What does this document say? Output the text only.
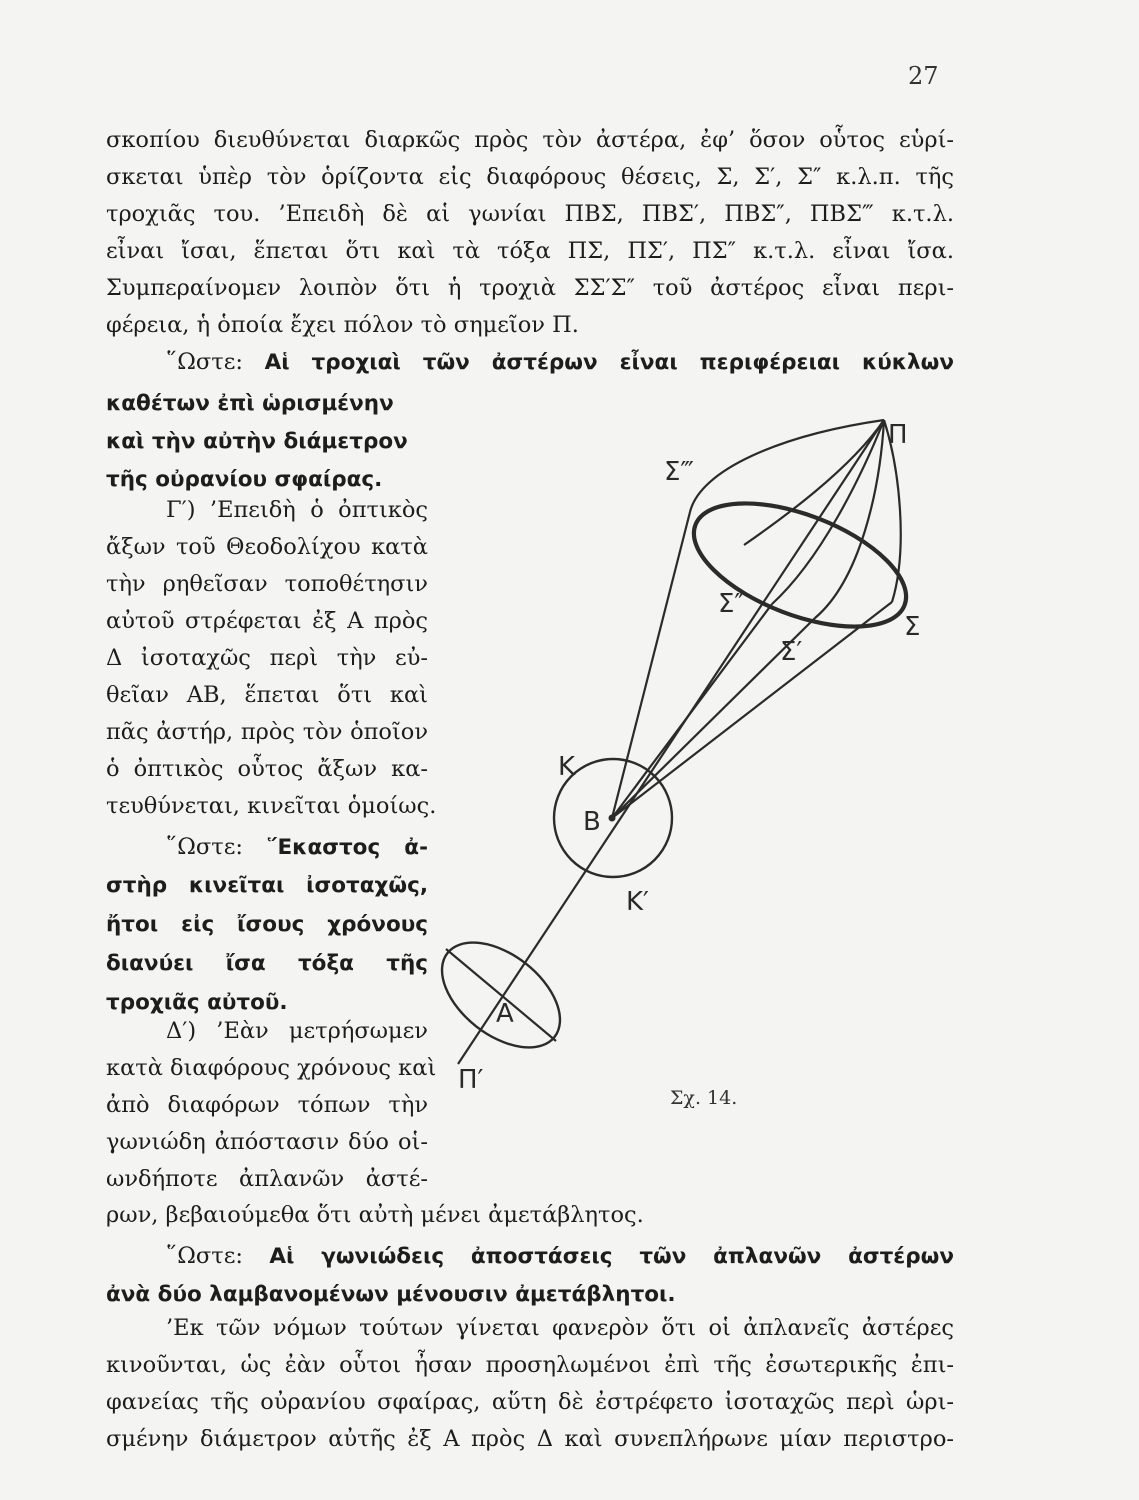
27
σκοπίου διευθύνεται διαρκῶς πρὸς τὸν ἀστέρα, ἐφ’ ὅσον οὗτος εὑρί-
σκεται ὑπὲρ τὸν ὁρίζοντα εἰς διαφόρους θέσεις, Σ, Σ′, Σ″ κ.λ.π. τῆς
τροχιᾶς του. ’Επειδὴ δὲ αἱ γωνίαι ΠΒΣ, ΠΒΣ′, ΠΒΣ″, ΠΒΣ‴ κ.τ.λ.
εἶναι ἴσαι, ἕπεται ὅτι καὶ τὰ τόξα ΠΣ, ΠΣ′, ΠΣ″ κ.τ.λ. εἶναι ἴσα.
Συμπεραίνομεν λοιπὸν ὅτι ἡ τροχιὰ ΣΣ′Σ″ τοῦ ἀστέρος εἶναι περι-
φέρεια, ἡ ὁποία ἔχει πόλον τὸ σημεῖον Π.
῞Ωστε: Αἱ τροχιαὶ τῶν ἀστέρων εἶναι περιφέρειαι κύκλων
καθέτων ἐπὶ ὡρισμένην
καὶ τὴν αὐτὴν διάμετρον
τῆς οὐρανίου σφαίρας.
Γ′) ’Επειδὴ ὁ ὀπτικὸς
ἄξων τοῦ Θεοδολίχου κατὰ
τὴν ρηθεῖσαν τοποθέτησιν
αὐτοῦ στρέφεται ἐξ Α πρὸς
Δ ἰσοταχῶς περὶ τὴν εὐ-
θεῖαν ΑΒ, ἕπεται ὅτι καὶ
πᾶς ἀστήρ, πρὸς τὸν ὁποῖον
ὁ ὀπτικὸς οὗτος ἄξων κα-
τευθύνεται, κινεῖται ὁμοίως.
῞Ωστε: ῞Εκαστος ἀ-
στὴρ κινεῖται ἰσοταχῶς,
ἤτοι εἰς ἴσους χρόνους
διανύει ἴσα τόξα τῆς
τροχιᾶς αὐτοῦ.
Δ′) ’Εὰν μετρήσωμεν
κατὰ διαφόρους χρόνους καὶ
ἀπὸ διαφόρων τόπων τὴν
γωνιώδη ἀπόστασιν δύο οἱ-
ωνδήποτε ἀπλανῶν ἀστέ-
ρων, βεβαιούμεθα ὅτι αὐτὴ μένει ἀμετάβλητος.
῞Ωστε: Αἱ γωνιώδεις ἀποστάσεις τῶν ἀπλανῶν ἀστέρων
ἀνὰ δύο λαμβανομένων μένουσιν ἀμετάβλητοι.
’Εκ τῶν νόμων τούτων γίνεται φανερὸν ὅτι οἱ ἀπλανεῖς ἀστέρες
κινοῦνται, ὡς ἐὰν οὗτοι ἦσαν προσηλωμένοι ἐπὶ τῆς ἐσωτερικῆς ἐπι-
φανείας τῆς οὐρανίου σφαίρας, αὕτη δὲ ἐστρέφετο ἰσοταχῶς περὶ ὡρι-
σμένην διάμετρον αὐτῆς ἐξ Α πρὸς Δ καὶ συνεπλήρωνε μίαν περιστρο-
Π
Σ‴
Σ″
Σ′
Σ
Κ
Β
Κ′
Α
Π′
Σχ. 14.
